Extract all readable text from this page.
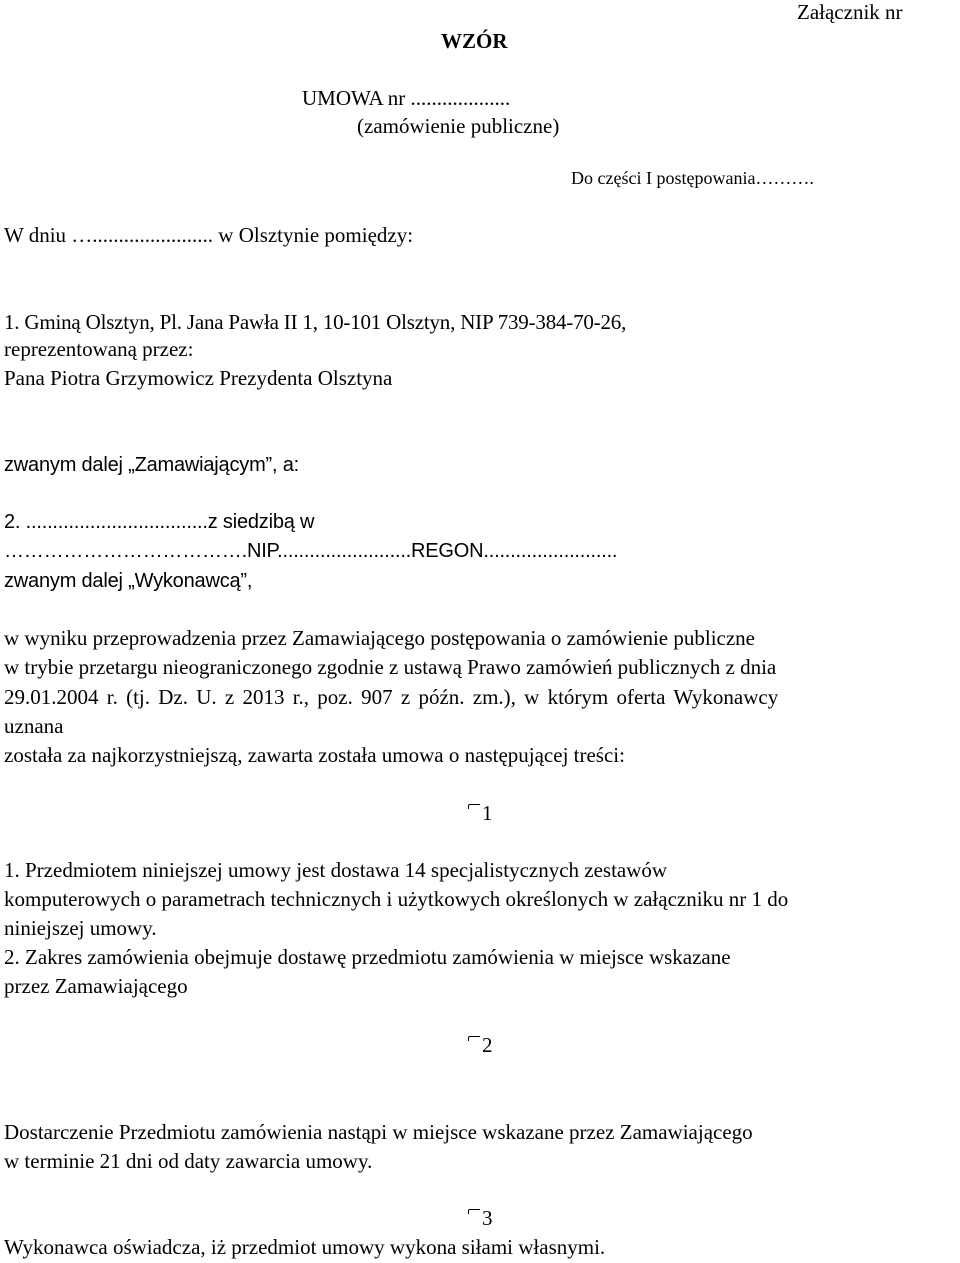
Załącznik nr
WZÓR
UMOWA nr ...................
(zamówienie publiczne)
Do części I postępowania……….
W dniu …....................... w Olsztynie pomiędzy:
1. Gminą Olsztyn, Pl. Jana Pawła II 1, 10-101 Olsztyn, NIP 739-384-70-26,
reprezentowaną przez:
Pana Piotra Grzymowicz Prezydenta Olsztyna
zwanym dalej „Zamawiającym”, a:
2. ..................................z siedzibą w
……………………………….NIP.........................REGON.........................
zwanym dalej „Wykonawcą”,
w wyniku przeprowadzenia przez Zamawiającego postępowania o zamówienie publiczne
w trybie przetargu nieograniczonego zgodnie z ustawą Prawo zamówień publicznych z dnia
29.01.2004 r. (tj. Dz. U. z 2013 r., poz. 907 z późn. zm.), w którym oferta Wykonawcy
uznana
została za najkorzystniejszą, zawarta została umowa o następującej treści:
1
1. Przedmiotem niniejszej umowy jest dostawa 14 specjalistycznych zestawów
komputerowych o parametrach technicznych i użytkowych określonych w załączniku nr 1 do
niniejszej umowy.
2. Zakres zamówienia obejmuje dostawę przedmiotu zamówienia w miejsce wskazane
przez Zamawiającego
2
Dostarczenie Przedmiotu zamówienia nastąpi w miejsce wskazane przez Zamawiającego
w terminie 21 dni od daty zawarcia umowy.
3
Wykonawca oświadcza, iż przedmiot umowy wykona siłami własnymi.
